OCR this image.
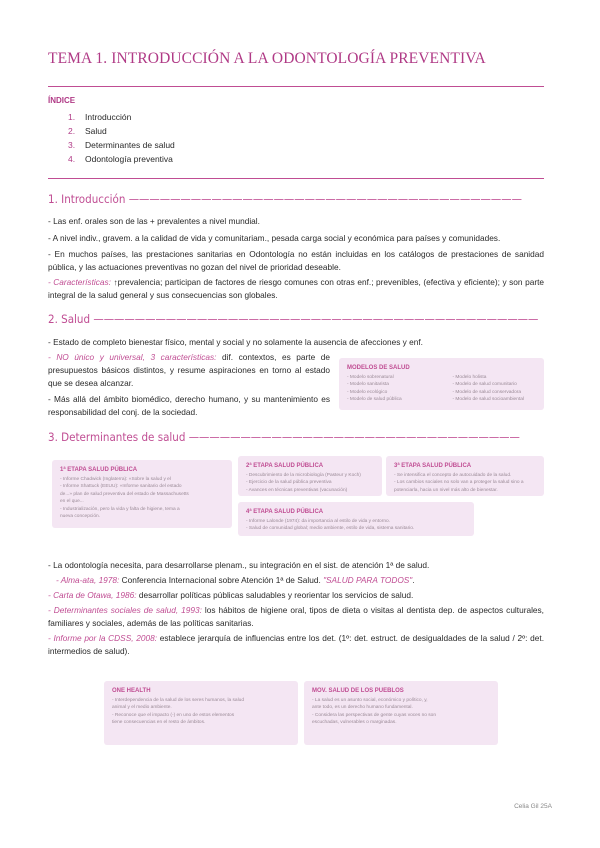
TEMA 1. INTRODUCCIÓN A LA ODONTOLOGÍA PREVENTIVA
ÍNDICE
1. Introducción
2. Salud
3. Determinantes de salud
4. Odontología preventiva
1. Introducción ——————————————————————————————————————
- Las enf. orales son de las + prevalentes a nivel mundial.
- A nivel indiv., gravem. a la calidad de vida y comunitariam., pesada carga social y económica para países y comunidades.
- En muchos países, las prestaciones sanitarias en Odontología no están incluidas en los catálogos de prestaciones de sanidad pública, y las actuaciones preventivas no gozan del nivel de prioridad deseable.
- Características: ↑prevalencia; participan de factores de riesgo comunes con otras enf.; prevenibles, (efectiva y eficiente); y son parte integral de la salud general y sus consecuencias son globales.
2. Salud ———————————————————————————————————————————
- Estado de completo bienestar físico, mental y social y no solamente la ausencia de afecciones y enf.
- NO único y universal, 3 características: dif. contextos, es parte de presupuestos básicos distintos, y resume aspiraciones en torno al estado que se desea alcanzar.
- Más allá del ámbito biomédico, derecho humano, y su mantenimiento es responsabilidad del conj. de la sociedad.
MODELOS DE SALUD
- Modelo sobrenatural
- Modelo sanitarista
- Modelo ecológico
- Modelo de salud pública
- Modelo holista
- Modelo de salud comunitario
- Modelo de salud conservadora
- Modelo de salud socioambiental
3. Determinantes de salud ————————————————————————————————
1ª ETAPA SALUD PÚBLICA
- Informe Chadwick (Inglaterra): «Sobre la salud y el
- Informe Shattuck (EEUU): «Informe sanitario del estado
de...» plan de salud preventiva del estado de Massachusetts
en el que...
- Industrialización, pero la vida y falta de higiene, tema a
nueva concepción.
2ª ETAPA SALUD PÚBLICA
- Descubrimiento de la microbiología (Pasteur y Koch)
- Ejercicio de la salud pública preventiva
- Avances en técnicas preventivas (vacunación)
3ª ETAPA SALUD PÚBLICA
- Se intensifica el concepto de autocuidado de la salud.
- Los cambios sociales no solo van a proteger la salud sino a
potenciarla, hacia un nivel más alto de bienestar.
4ª ETAPA SALUD PÚBLICA
- Informe Lalonde (1974): da importancia al estilo de vida y entorno.
- Salud de comunidad global; medio ambiente, estilo de vida, sistema sanitario.
- La odontología necesita, para desarrollarse plenam., su integración en el sist. de atención 1ª de salud.
- Alma-ata, 1978: Conferencia Internacional sobre Atención 1ª de Salud. "SALUD PARA TODOS".
- Carta de Otawa, 1986: desarrollar políticas públicas saludables y reorientar los servicios de salud.
- Determinantes sociales de salud, 1993: los hábitos de higiene oral, tipos de dieta o visitas al dentista dep. de aspectos culturales, familiares y sociales, además de las políticas sanitarias.
- Informe por la CDSS, 2008: establece jerarquía de influencias entre los det. (1º: det. estruct. de desigualdades de la salud / 2º: det. intermedios de salud).
ONE HEALTH
- Interdependencia de la salud de los seres humanos, la salud
animal y el medio ambiente.
- Reconoce que el impacto (-) en uno de estos elementos
tiene consecuencias en el resto de ámbitos.
MOV. SALUD DE LOS PUEBLOS
- La salud es un asunto social, económico y político, y,
ante todo, es un derecho humano fundamental.
- Considera las perspectivas de gente cuyas voces no son
escuchadas, vulnerables o marginadas.
Celia Gil 25A
